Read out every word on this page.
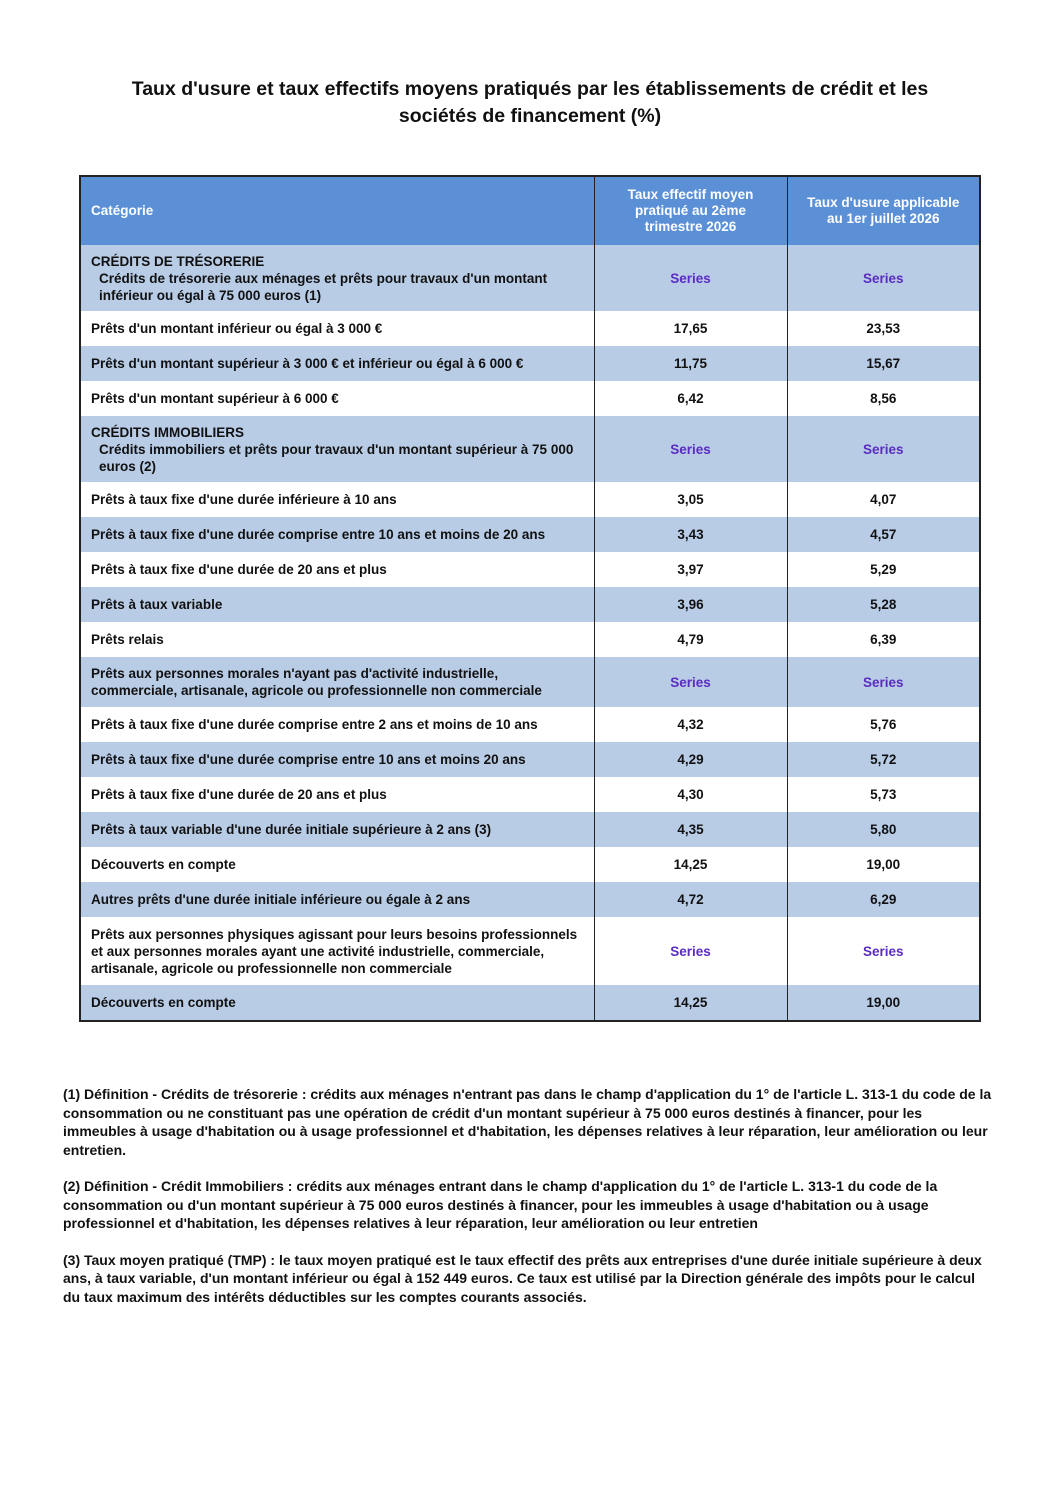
Taux d'usure et taux effectifs moyens pratiqués par les établissements de crédit et les
sociétés de financement (%)
Catégorie	Taux effectif moyen pratiqué au 2ème trimestre 2026	Taux d'usure applicable au 1er juillet 2026

CRÉDITS DE TRÉSORERIE
Crédits de trésorerie aux ménages et prêts pour travaux d'un montant inférieur ou égal à 75 000 euros (1)	Series	Series
Prêts d'un montant inférieur ou égal à 3 000 €	17,65	23,53
Prêts d'un montant supérieur à 3 000 € et inférieur ou égal à 6 000 €	11,75	15,67
Prêts d'un montant supérieur à 6 000 €	6,42	8,56

CRÉDITS IMMOBILIERS
Crédits immobiliers et prêts pour travaux d'un montant supérieur à 75 000 euros (2)	Series	Series
Prêts à taux fixe d'une durée inférieure à 10 ans	3,05	4,07
Prêts à taux fixe d'une durée comprise entre 10 ans et moins de 20 ans	3,43	4,57
Prêts à taux fixe d'une durée de 20 ans et plus	3,97	5,29
Prêts à taux variable	3,96	5,28
Prêts relais	4,79	6,39
Prêts aux personnes morales n'ayant pas d'activité industrielle, commerciale, artisanale, agricole ou professionnelle non commerciale	Series	Series
Prêts à taux fixe d'une durée comprise entre 2 ans et moins de 10 ans	4,32	5,76
Prêts à taux fixe d'une durée comprise entre 10 ans et moins 20 ans	4,29	5,72
Prêts à taux fixe d'une durée de 20 ans et plus	4,30	5,73
Prêts à taux variable d'une durée initiale supérieure à 2 ans (3)	4,35	5,80
Découverts en compte	14,25	19,00
Autres prêts d'une durée initiale inférieure ou égale à 2 ans	4,72	6,29
Prêts aux personnes physiques agissant pour leurs besoins professionnels et aux personnes morales ayant une activité industrielle, commerciale, artisanale, agricole ou professionnelle non commerciale	Series	Series
Découverts en compte	14,25	19,00

(1) Définition - Crédits de trésorerie : crédits aux ménages n'entrant pas dans le champ d'application du 1° de l'article L. 313-1 du code de la consommation ou ne constituant pas une opération de crédit d'un montant supérieur à 75 000 euros destinés à financer, pour les immeubles à usage d'habitation ou à usage professionnel et d'habitation, les dépenses relatives à leur réparation, leur amélioration ou leur entretien.

(2) Définition - Crédit Immobiliers : crédits aux ménages entrant dans le champ d'application du 1° de l'article L. 313-1 du code de la consommation ou d'un montant supérieur à 75 000 euros destinés à financer, pour les immeubles à usage d'habitation ou à usage professionnel et d'habitation, les dépenses relatives à leur réparation, leur amélioration ou leur entretien

(3) Taux moyen pratiqué (TMP) : le taux moyen pratiqué est le taux effectif des prêts aux entreprises d'une durée initiale supérieure à deux ans, à taux variable, d'un montant inférieur ou égal à 152 449 euros. Ce taux est utilisé par la Direction générale des impôts pour le calcul du taux maximum des intérêts déductibles sur les comptes courants associés.
